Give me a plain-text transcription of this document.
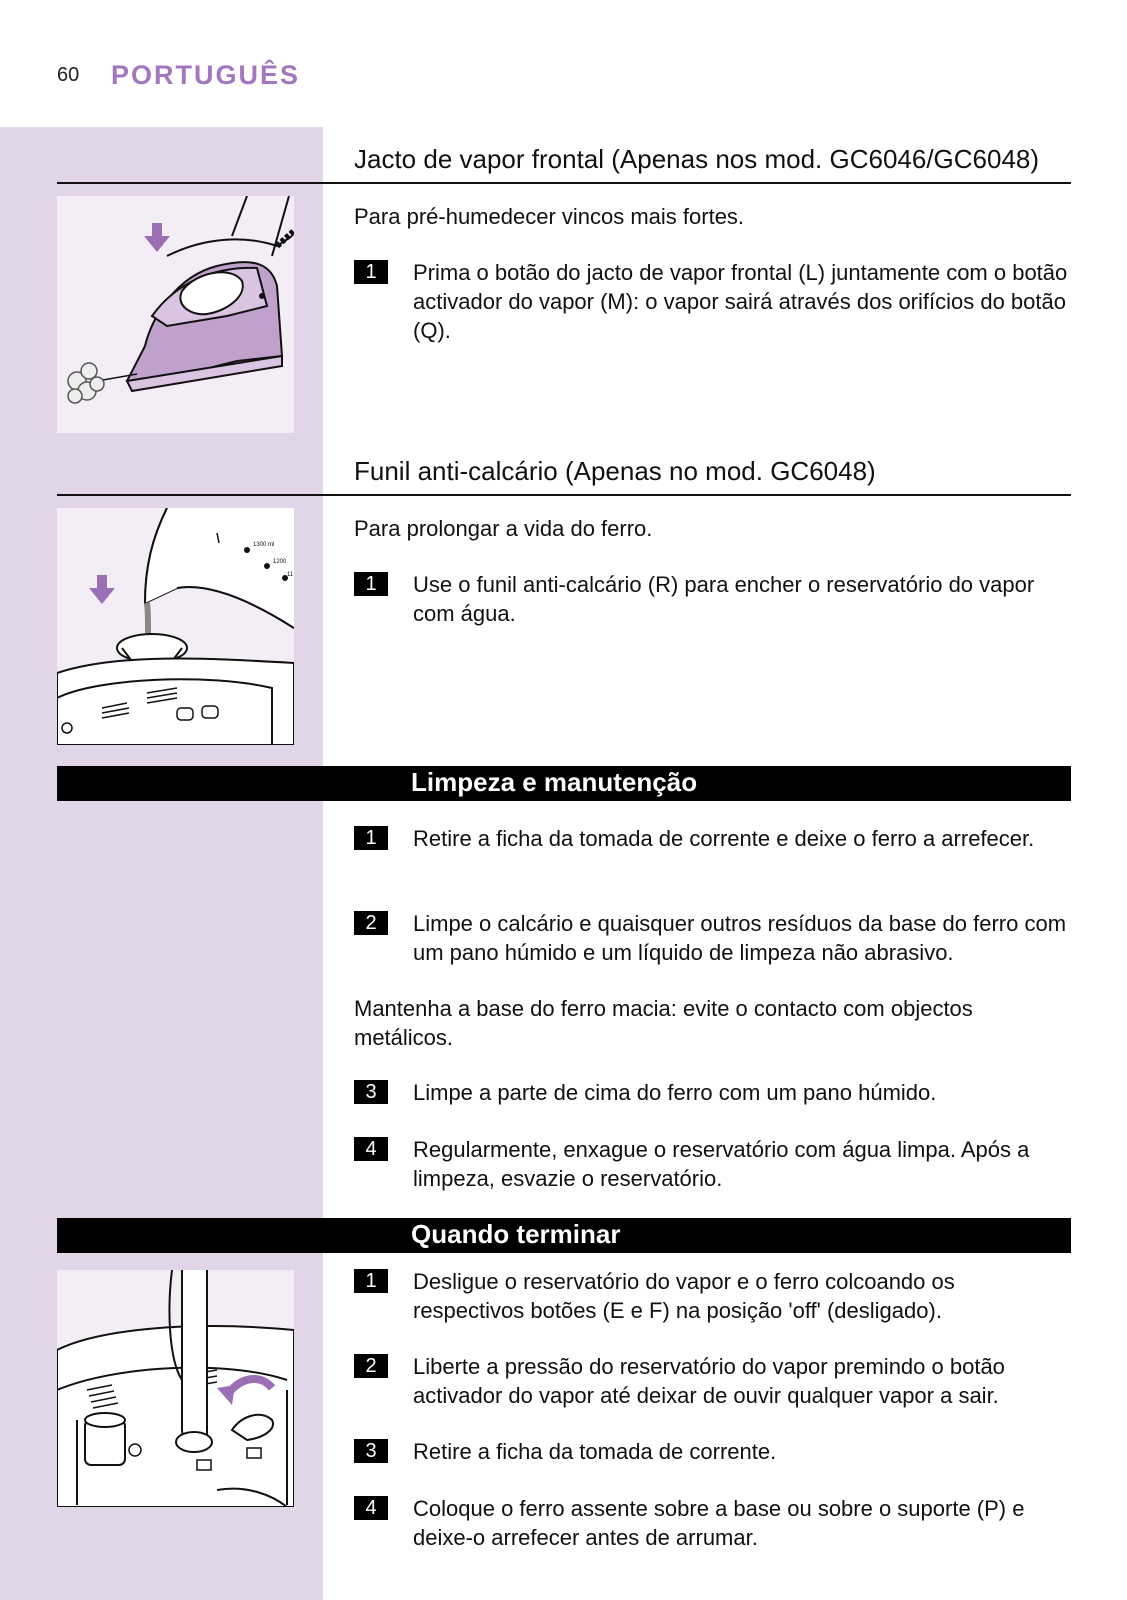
60 PORTUGUÊS
Jacto de vapor frontal (Apenas nos mod. GC6046/GC6048)
Para pré-humedecer vincos mais fortes.
1	Prima o botão do jacto de vapor frontal (L) juntamente com o botão activador do vapor (M): o vapor sairá através dos orifícios do botão (Q).
Funil anti-calcário (Apenas no mod. GC6048)
1300 ml
1200
11
Para prolongar a vida do ferro.
1	Use o funil anti-calcário (R) para encher o reservatório do vapor com água.
Limpeza e manutenção
1	Retire a ficha da tomada de corrente e deixe o ferro a arrefecer.
2	Limpe o calcário e quaisquer outros resíduos da base do ferro com um pano húmido e um líquido de limpeza não abrasivo.
Mantenha a base do ferro macia: evite o contacto com objectos metálicos.
3	Limpe a parte de cima do ferro com um pano húmido.
4	Regularmente, enxague o reservatório com água limpa. Após a limpeza, esvazie o reservatório.
Quando terminar
1	Desligue o reservatório do vapor e o ferro colcoando os respectivos botões (E e F) na posição 'off' (desligado).
2	Liberte a pressão do reservatório do vapor premindo o botão activador do vapor até deixar de ouvir qualquer vapor a sair.
3	Retire a ficha da tomada de corrente.
4	Coloque o ferro assente sobre a base ou sobre o suporte (P) e deixe-o arrefecer antes de arrumar.
